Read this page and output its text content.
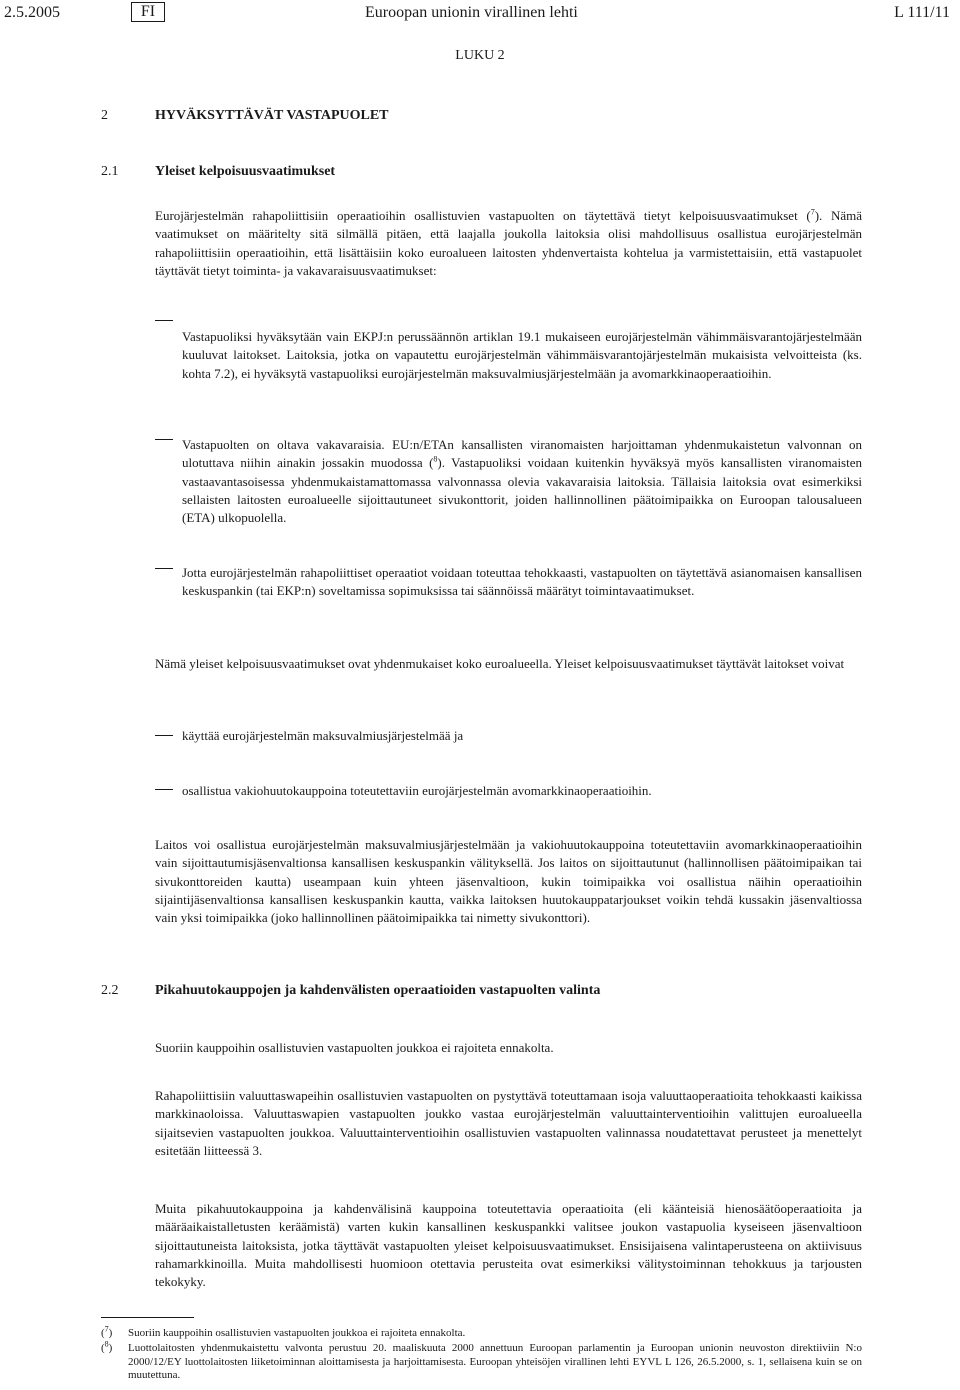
2.5.2005	FI	Euroopan unionin virallinen lehti	L 111/11
LUKU 2
2	HYVÄKSYTTÄVÄT VASTAPUOLET
2.1	Yleiset kelpoisuusvaatimukset
Eurojärjestelmän rahapoliittisiin operaatioihin osallistuvien vastapuolten on täytettävä tietyt kelpoisuusvaatimukset ($^7$). Nämä vaatimukset on määritelty sitä silmällä pitäen, että laajalla joukolla laitoksia olisi mahdollisuus osallistua eurojärjestelmän rahapoliittisiin operaatioihin, että lisättäisiin koko euroalueen laitosten yhdenvertaista kohtelua ja varmistettaisiin, että vastapuolet täyttävät tietyt toiminta- ja vakavaraisuusvaatimukset:
Vastapuoliksi hyväksytään vain EKPJ:n perussäännön artiklan 19.1 mukaiseen eurojärjestelmän vähimmäisvarantojärjestelmään kuuluvat laitokset. Laitoksia, jotka on vapautettu eurojärjestelmän vähimmäisvarantojärjestelmän mukaisista velvoitteista (ks. kohta 7.2), ei hyväksytä vastapuoliksi eurojärjestelmän maksuvalmiusjärjestelmään ja avomarkkinaoperaatioihin.
Vastapuolten on oltava vakavaraisia. EU:n/ETAn kansallisten viranomaisten harjoittaman yhdenmukaistetun valvonnan on ulotuttava niihin ainakin jossakin muodossa ($^8$). Vastapuoliksi voidaan kuitenkin hyväksyä myös kansallisten viranomaisten vastaavantasoisessa yhdenmukaistamattomassa valvonnassa olevia vakavaraisia laitoksia. Tällaisia laitoksia ovat esimerkiksi sellaisten laitosten euroalueelle sijoittautuneet sivukonttorit, joiden hallinnollinen päätoimipaikka on Euroopan talousalueen (ETA) ulkopuolella.
Jotta eurojärjestelmän rahapoliittiset operaatiot voidaan toteuttaa tehokkaasti, vastapuolten on täytettävä asianomaisen kansallisen keskuspankin (tai EKP:n) soveltamissa sopimuksissa tai säännöissä määrätyt toimintavaatimukset.
Nämä yleiset kelpoisuusvaatimukset ovat yhdenmukaiset koko euroalueella. Yleiset kelpoisuusvaatimukset täyttävät laitokset voivat
käyttää eurojärjestelmän maksuvalmiusjärjestelmää ja
osallistua vakiohuutokauppoina toteutettaviin eurojärjestelmän avomarkkinaoperaatioihin.
Laitos voi osallistua eurojärjestelmän maksuvalmiusjärjestelmään ja vakiohuutokauppoina toteutettaviin avomarkkinaoperaatioihin vain sijoittautumisjäsenvaltionsa kansallisen keskuspankin välityksellä. Jos laitos on sijoittautunut (hallinnollisen päätoimipaikan tai sivukonttoreiden kautta) useampaan kuin yhteen jäsenvaltioon, kukin toimipaikka voi osallistua näihin operaatioihin sijaintijäsenvaltionsa kansallisen keskuspankin kautta, vaikka laitoksen huutokauppatarjoukset voikin tehdä kussakin jäsenvaltiossa vain yksi toimipaikka (joko hallinnollinen päätoimipaikka tai nimetty sivukonttori).
2.2	Pikahuutokauppojen ja kahdenvälisten operaatioiden vastapuolten valinta
Suoriin kauppoihin osallistuvien vastapuolten joukkoa ei rajoiteta ennakolta.
Rahapoliittisiin valuuttaswapeihin osallistuvien vastapuolten on pystyttävä toteuttamaan isoja valuuttaoperaatioita tehokkaasti kaikissa markkinaoloissa. Valuuttaswapien vastapuolten joukko vastaa eurojärjestelmän valuuttainterventioihin valittujen euroalueella sijaitsevien vastapuolten joukkoa. Valuuttainterventioihin osallistuvien vastapuolten valinnassa noudatettavat perusteet ja menettelyt esitetään liitteessä 3.
Muita pikahuutokauppoina ja kahdenvälisinä kauppoina toteutettavia operaatioita (eli käänteisiä hienosäätöoperaatioita ja määräaikaistalletusten keräämistä) varten kukin kansallinen keskuspankki valitsee joukon vastapuolia kyseiseen jäsenvaltioon sijoittautuneista laitoksista, jotka täyttävät vastapuolten yleiset kelpoisuusvaatimukset. Ensisijaisena valintaperusteena on aktiivisuus rahamarkkinoilla. Muita mahdollisesti huomioon otettavia perusteita ovat esimerkiksi välitystoiminnan tehokkuus ja tarjousten tekokyky.
($^7$) Suoriin kauppoihin osallistuvien vastapuolten joukkoa ei rajoiteta ennakolta.
($^8$) Luottolaitosten yhdenmukaistettu valvonta perustuu 20. maaliskuuta 2000 annettuun Euroopan parlamentin ja Euroopan unionin neuvoston direktiiviin N:o 2000/12/EY luottolaitosten liiketoiminnan aloittamisesta ja harjoittamisesta. Euroopan yhteisöjen virallinen lehti EYVL L 126, 26.5.2000, s. 1, sellaisena kuin se on muutettuna.
